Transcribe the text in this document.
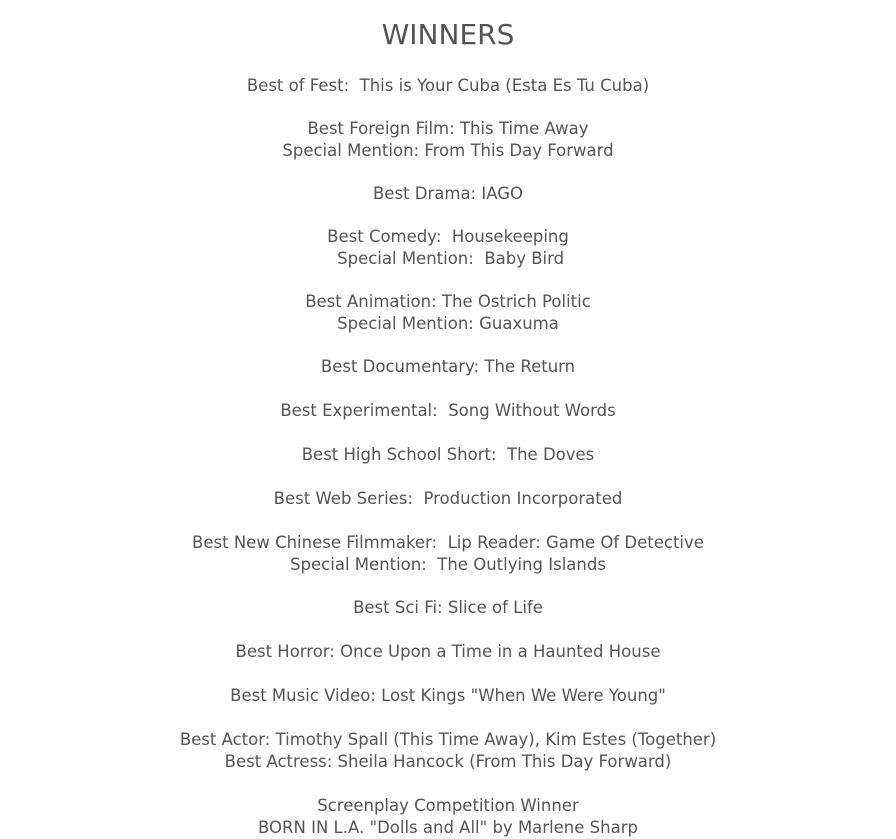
WINNERS
Best of Fest:  This is Your Cuba (Esta Es Tu Cuba)
Best Foreign Film: This Time Away
Special Mention: From This Day Forward
Best Drama: IAGO
Best Comedy:  Housekeeping
Special Mention:  Baby Bird
Best Animation: The Ostrich Politic
Special Mention: Guaxuma
Best Documentary: The Return
Best Experimental:  Song Without Words
Best High School Short:  The Doves
Best Web Series:  Production Incorporated
Best New Chinese Filmmaker:  Lip Reader: Game Of Detective
Special Mention:  The Outlying Islands
Best Sci Fi: Slice of Life
Best Horror: Once Upon a Time in a Haunted House
Best Music Video: Lost Kings "When We Were Young"
Best Actor: Timothy Spall (This Time Away), Kim Estes (Together)
Best Actress: Sheila Hancock (From This Day Forward)
Screenplay Competition Winner
BORN IN L.A. "Dolls and All" by Marlene Sharp
